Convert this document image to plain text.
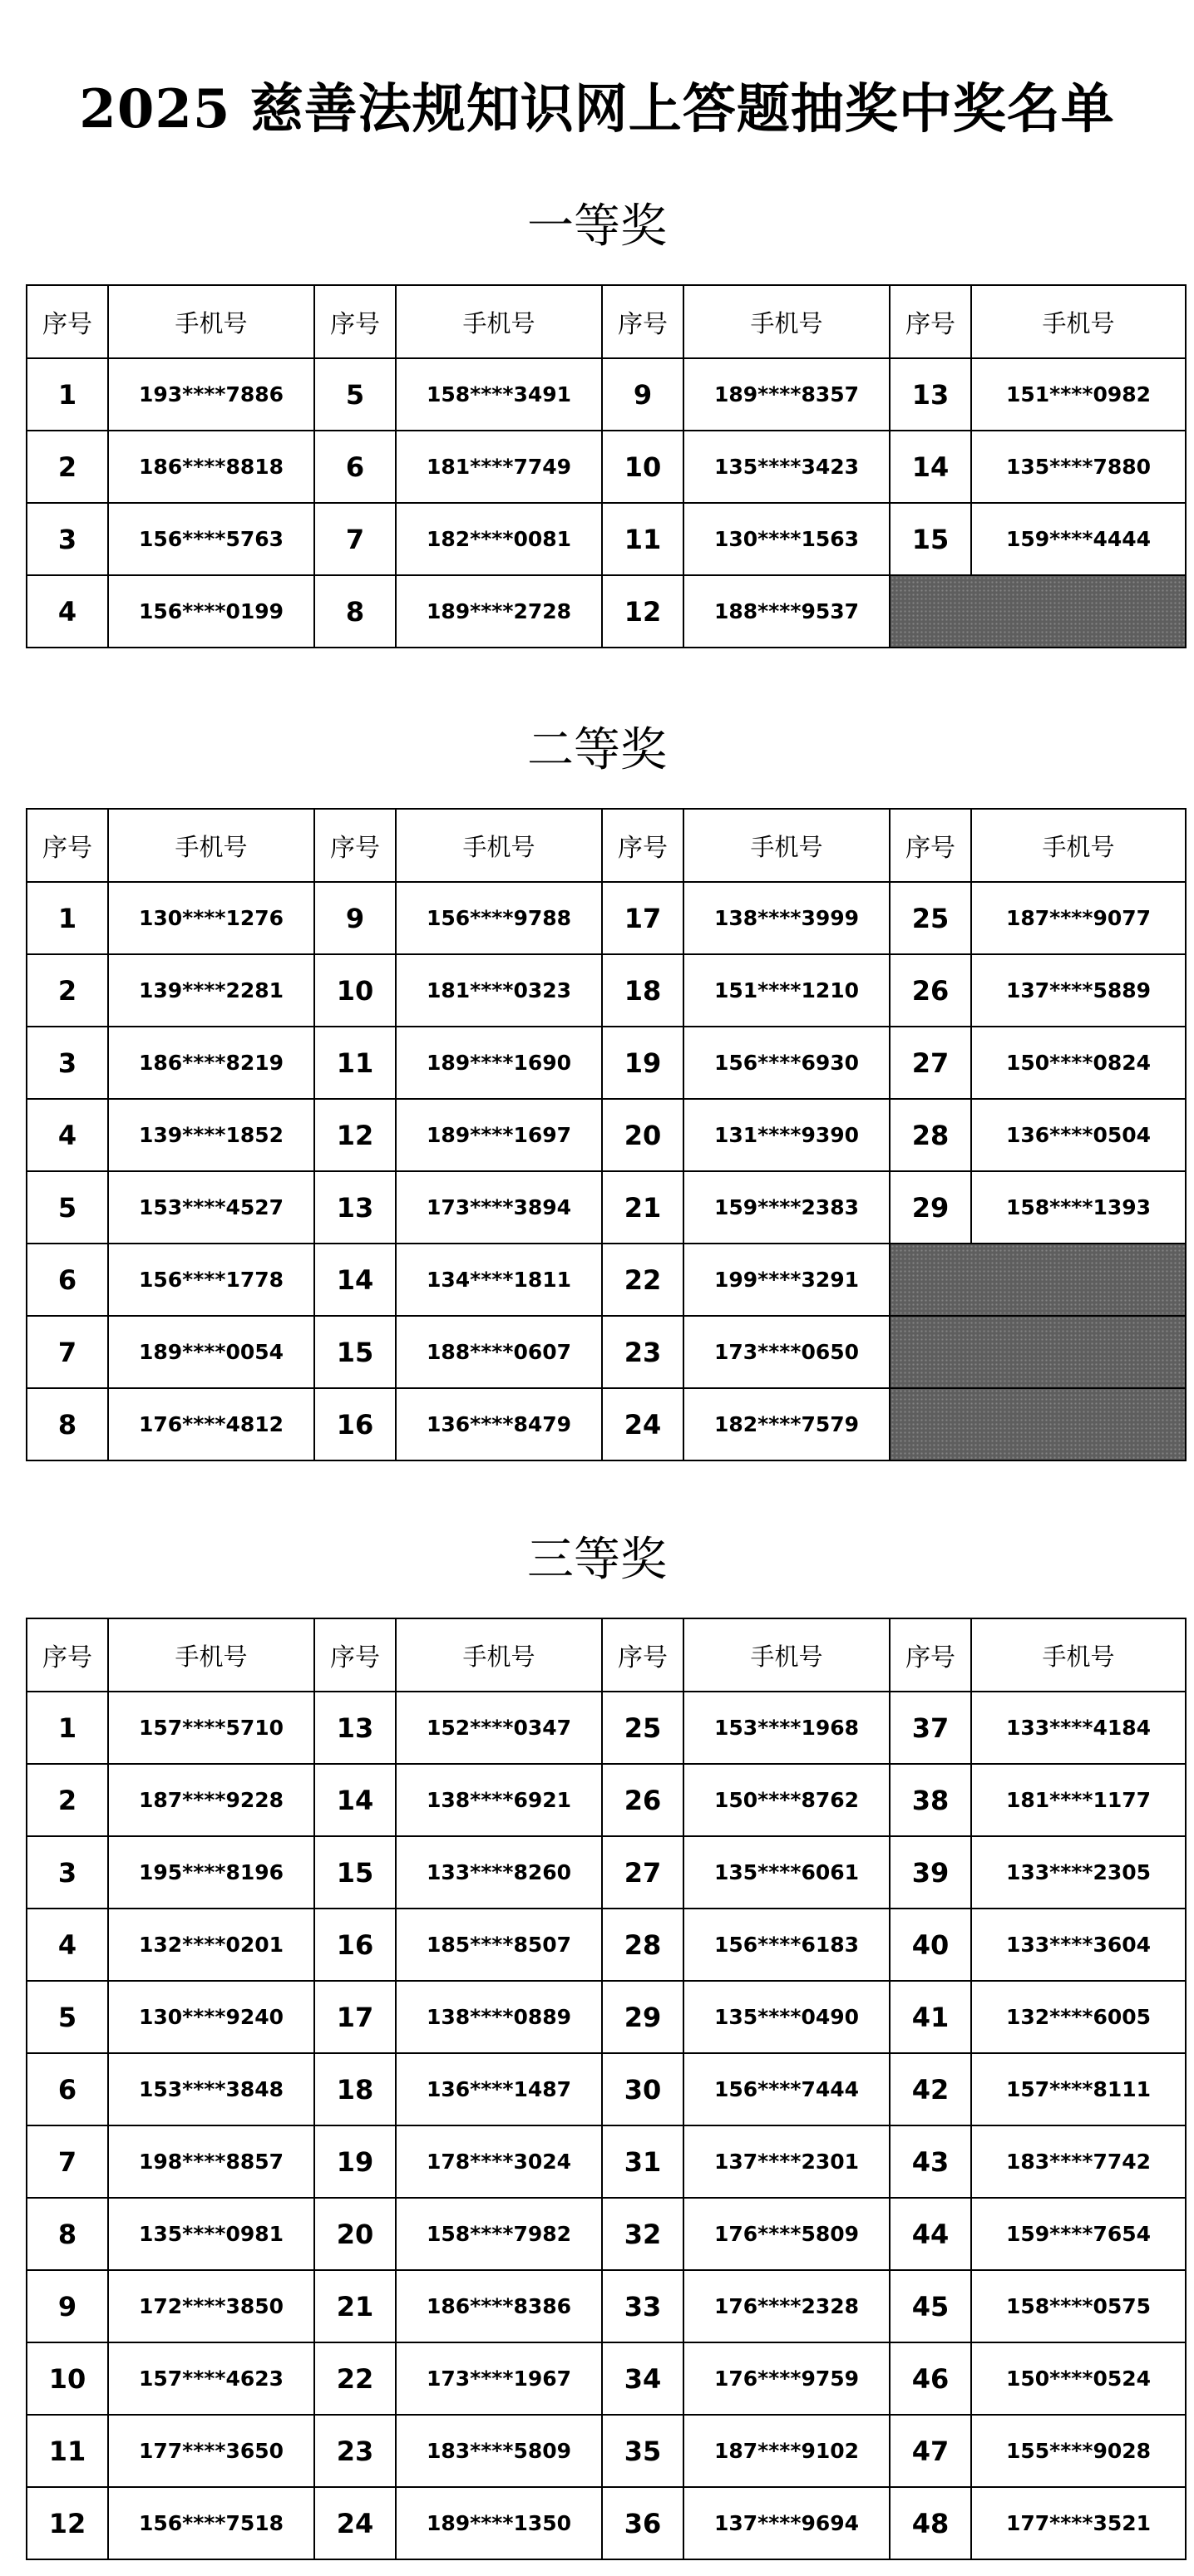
2025 慈善法规知识网上答题抽奖中奖名单
一等奖
序号	手机号	序号	手机号	序号	手机号	序号	手机号
1	193****7886	5	158****3491	9	189****8357	13	151****0982
2	186****8818	6	181****7749	10	135****3423	14	135****7880
3	156****5763	7	182****0081	11	130****1563	15	159****4444
4	156****0199	8	189****2728	12	188****9537		
二等奖
序号	手机号	序号	手机号	序号	手机号	序号	手机号
1	130****1276	9	156****9788	17	138****3999	25	187****9077
2	139****2281	10	181****0323	18	151****1210	26	137****5889
3	186****8219	11	189****1690	19	156****6930	27	150****0824
4	139****1852	12	189****1697	20	131****9390	28	136****0504
5	153****4527	13	173****3894	21	159****2383	29	158****1393
6	156****1778	14	134****1811	22	199****3291		
7	189****0054	15	188****0607	23	173****0650		
8	176****4812	16	136****8479	24	182****7579		
三等奖
序号	手机号	序号	手机号	序号	手机号	序号	手机号
1	157****5710	13	152****0347	25	153****1968	37	133****4184
2	187****9228	14	138****6921	26	150****8762	38	181****1177
3	195****8196	15	133****8260	27	135****6061	39	133****2305
4	132****0201	16	185****8507	28	156****6183	40	133****3604
5	130****9240	17	138****0889	29	135****0490	41	132****6005
6	153****3848	18	136****1487	30	156****7444	42	157****8111
7	198****8857	19	178****3024	31	137****2301	43	183****7742
8	135****0981	20	158****7982	32	176****5809	44	159****7654
9	172****3850	21	186****8386	33	176****2328	45	158****0575
10	157****4623	22	173****1967	34	176****9759	46	150****0524
11	177****3650	23	183****5809	35	187****9102	47	155****9028
12	156****7518	24	189****1350	36	137****9694	48	177****3521
